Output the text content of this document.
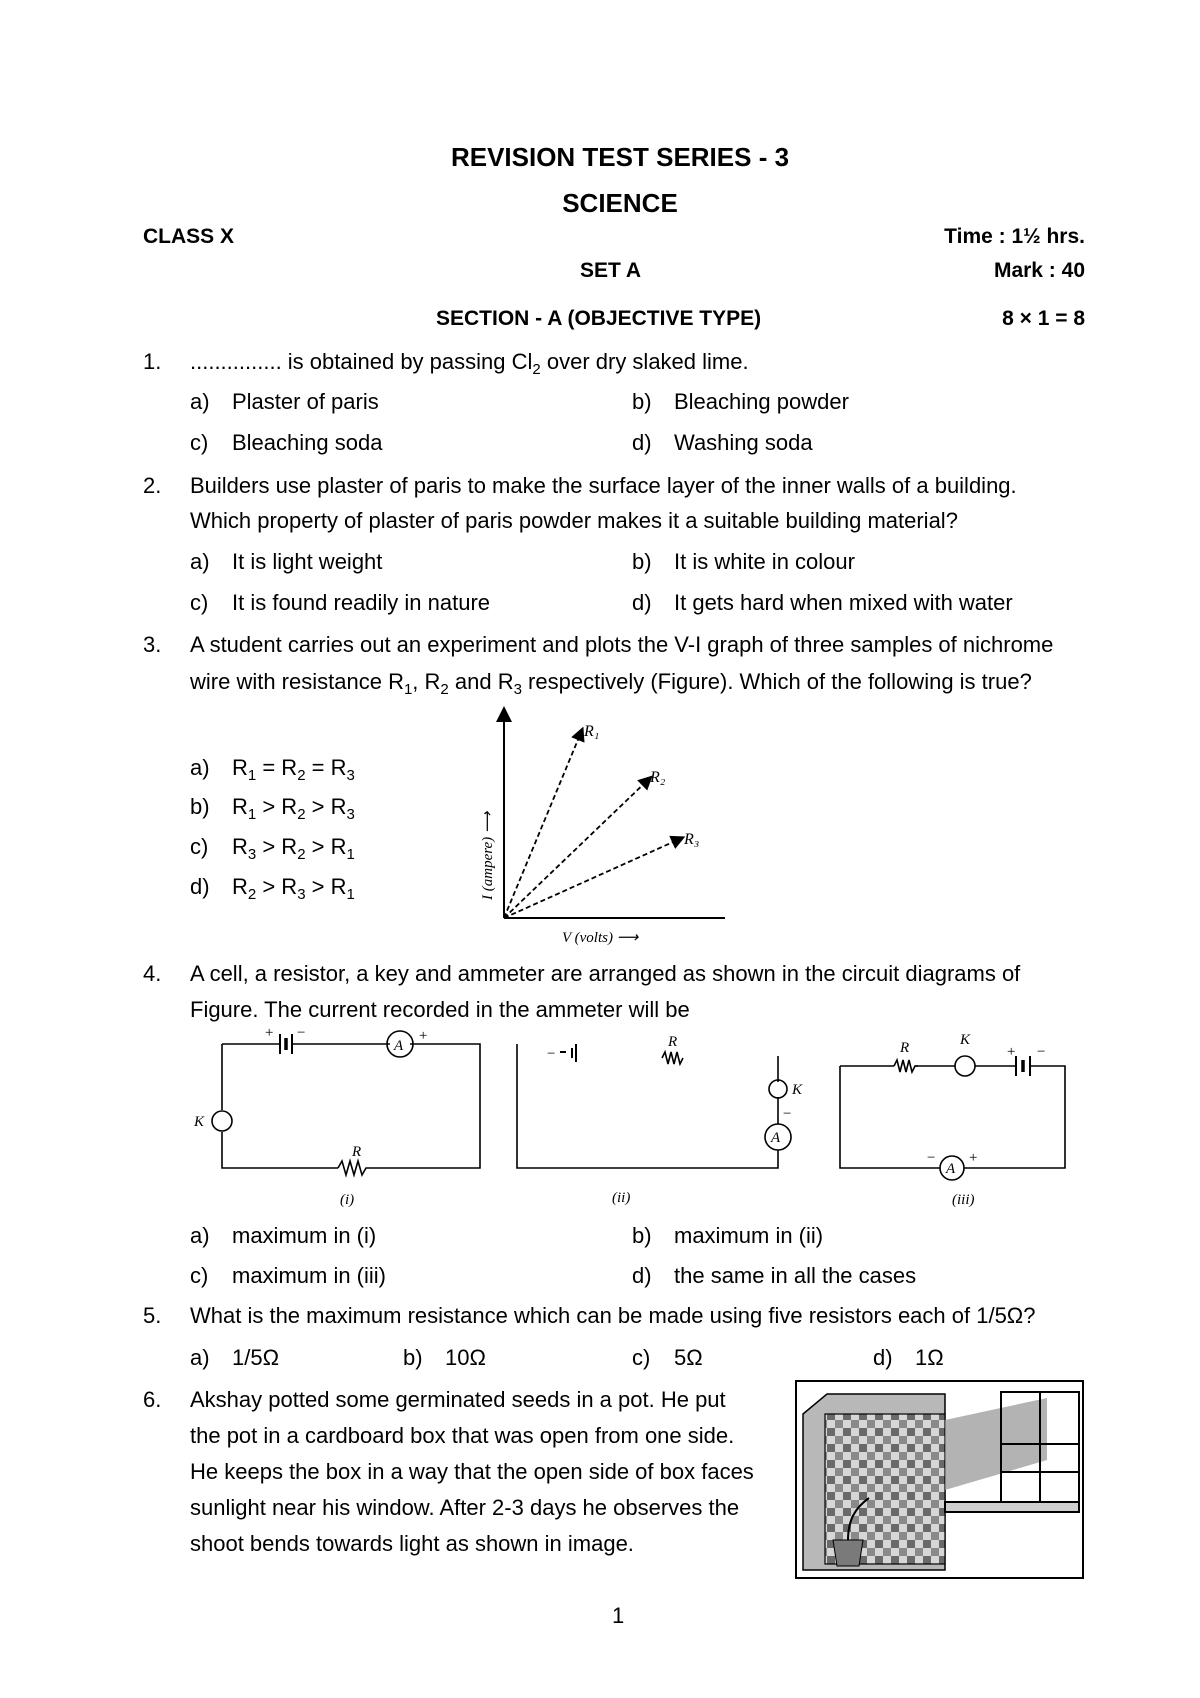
REVISION TEST SERIES - 3
SCIENCE
CLASS X	Time : 1½ hrs.
SET A	Mark : 40
SECTION - A (OBJECTIVE TYPE)	8 × 1 = 8
1. ............... is obtained by passing $Cl_2$ over dry slaked lime.
a) Plaster of paris	b) Bleaching powder
c) Bleaching soda	d) Washing soda
2. Builders use plaster of paris to make the surface layer of the inner walls of a building.
Which property of plaster of paris powder makes it a suitable building material?
a) It is light weight	b) It is white in colour
c) It is found readily in nature	d) It gets hard when mixed with water
3. A student carries out an experiment and plots the V-I graph of three samples of nichrome
wire with resistance $R_1$, $R_2$ and $R_3$ respectively (Figure). Which of the following is true?
a) $R_1 = R_2 = R_3$
b) $R_1 > R_2 > R_3$
c) $R_3 > R_2 > R_1$
d) $R_2 > R_3 > R_1$
R₁
R₂
R₃
I (ampere) ⟶
V (volts) ⟶
4. A cell, a resistor, a key and ammeter are arranged as shown in the circuit diagrams of
Figure. The current recorded in the ammeter will be
A
+
+ −
K
R
−
R
K
A
−
R	K
+ −
A
− +
(i)	(ii)	(iii)
a) maximum in (i)	b) maximum in (ii)
c) maximum in (iii)	d) the same in all the cases
5. What is the maximum resistance which can be made using five resistors each of 1/5Ω?
a) 1/5Ω	b) 10Ω	c) 5Ω	d) 1Ω
6. Akshay potted some germinated seeds in a pot. He put
the pot in a cardboard box that was open from one side.
He keeps the box in a way that the open side of box faces
sunlight near his window. After 2-3 days he observes the
shoot bends towards light as shown in image.
1
